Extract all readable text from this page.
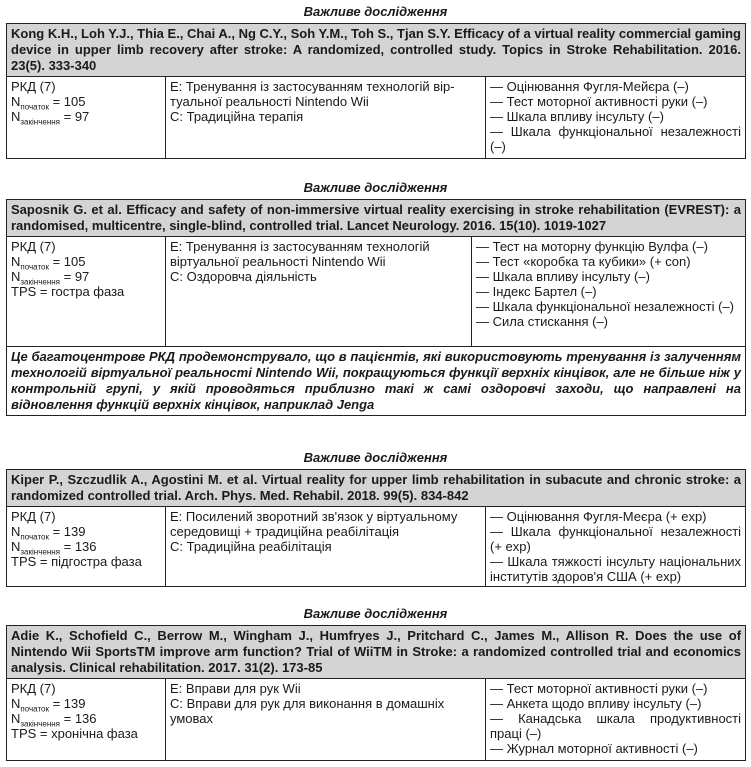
Важливе дослідження
Kong K.H., Loh Y.J., Thia E., Chai A., Ng C.Y., Soh Y.M., Toh S., Tjan S.Y. Efficacy of a virtual reality commercial gaming device in upper limb recovery after stroke: A randomized, controlled study. Topics in Stroke Rehabilitation. 2016. 23(5). 333-340

РКД (7)
$N_{початок} = 105$
$N_{закінчення} = 97$

Е: Тренування із застосуванням технологій віртуальної реальності Nintendo Wii
С: Традиційна терапія

— Оцінювання Фугля-Мейєра (–)
— Тест моторної активності руки (–)
— Шкала впливу інсульту (–)
— Шкала функціональної незалежності (–)
Важливе дослідження
Saposnik G. et al. Efficacy and safety of non-immersive virtual reality exercising in stroke rehabilitation (EVREST): a randomised, multicentre, single-blind, controlled trial. Lancet Neurology. 2016. 15(10). 1019-1027

РКД (7)
$N_{початок} = 105$
$N_{закінчення} = 97$
TPS = гостра фаза

Е: Тренування із застосуванням технологій віртуальної реальності Nintendo Wii
С: Оздоровча діяльність

— Тест на моторну функцію Вулфа (–)
— Тест «коробка та кубики» (+ con)
— Шкала впливу інсульту (–)
— Індекс Бартел (–)
— Шкала функціональної незалежності (–)
— Сила стискання (–)

Це багатоцентрове РКД продемонструвало, що в пацієнтів, які використовують тренування із залученням технологій віртуальної реальності Nintendo Wii, покращуються функції верхніх кінцівок, але не більше ніж у контрольній групі, у якій проводяться приблизно такі ж самі оздоровчі заходи, що направлені на відновлення функцій верхніх кінцівок, наприклад Jenga
Важливе дослідження
Kiper P., Szczudlik A., Agostini M. et al. Virtual reality for upper limb rehabilitation in subacute and chronic stroke: a randomized controlled trial. Arch. Phys. Med. Rehabil. 2018. 99(5). 834-842

РКД (7)
$N_{початок} = 139$
$N_{закінчення} = 136$
TPS = підгостра фаза

Е: Посилений зворотний зв'язок у віртуальному середовищі + традиційна реабілітація
С: Традиційна реабілітація

— Оцінювання Фугля-Меєра (+ exp)
— Шкала функціональної незалежності (+ exp)
— Шкала тяжкості інсульту національних інститутів здоров'я США (+ exp)
Важливе дослідження
Adie K., Schofield C., Berrow M., Wingham J., Humfryes J., Pritchard C., James M., Allison R. Does the use of Nintendo Wii SportsTM improve arm function? Trial of WiiTM in Stroke: a randomized controlled trial and economics analysis. Clinical rehabilitation. 2017. 31(2). 173-85

РКД (7)
$N_{початок} = 139$
$N_{закінчення} = 136$
TPS = хронічна фаза

Е: Вправи для рук Wii
С: Вправи для рук для виконання в домашніх умовах

— Тест моторної активності руки (–)
— Анкета щодо впливу інсульту (–)
— Канадська шкала продуктивності праці (–)
— Журнал моторної активності (–)
